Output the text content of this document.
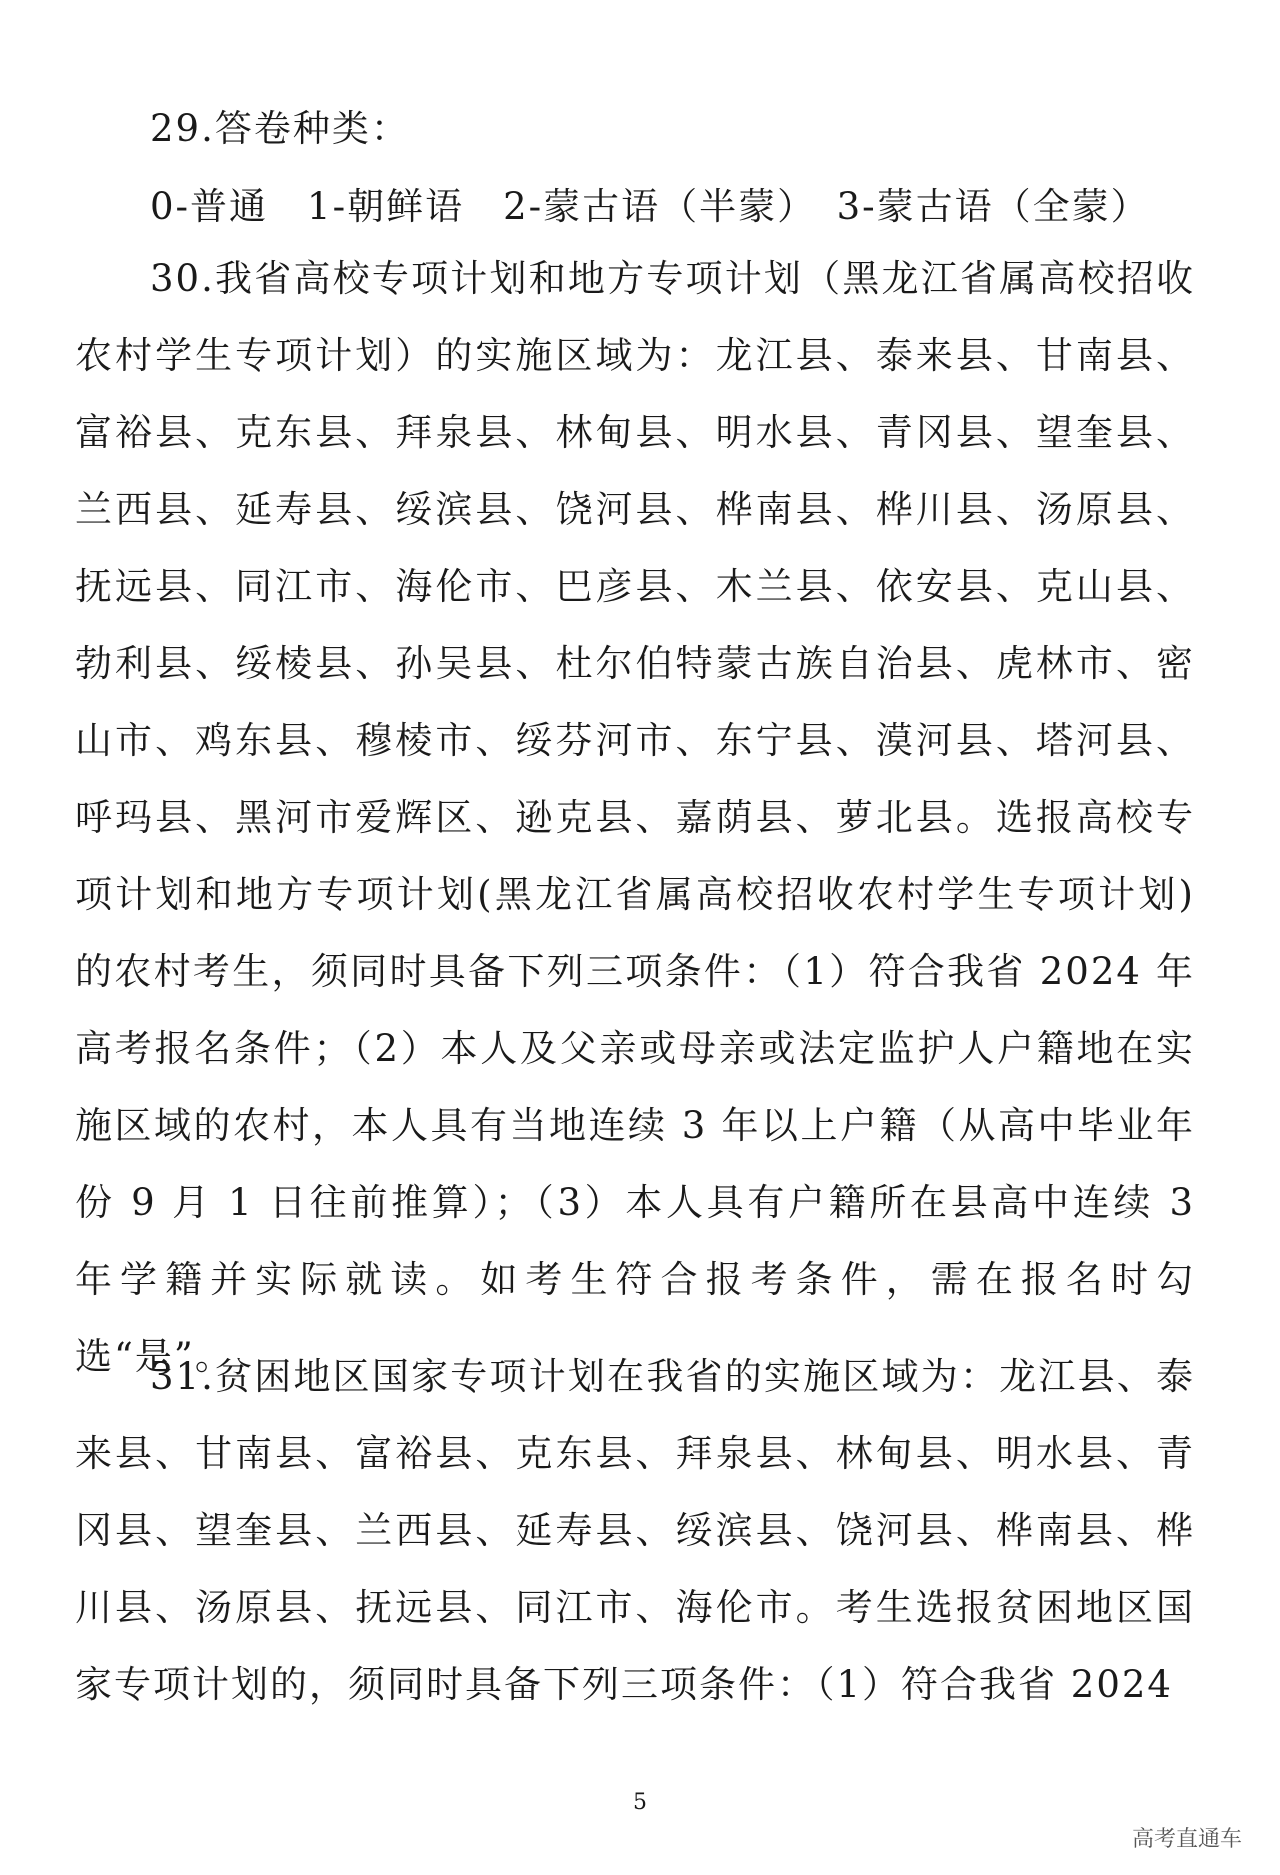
29.答卷种类：
0-普通　1-朝鲜语　2-蒙古语（半蒙）　3-蒙古语（全蒙）

30.我省高校专项计划和地方专项计划（黑龙江省属高校招收农村学生专项计划）的实施区域为：龙江县、泰来县、甘南县、富裕县、克东县、拜泉县、林甸县、明水县、青冈县、望奎县、兰西县、延寿县、绥滨县、饶河县、桦南县、桦川县、汤原县、抚远县、同江市、海伦市、巴彦县、木兰县、依安县、克山县、勃利县、绥棱县、孙吴县、杜尔伯特蒙古族自治县、虎林市、密山市、鸡东县、穆棱市、绥芬河市、东宁县、漠河县、塔河县、呼玛县、黑河市爱辉区、逊克县、嘉荫县、萝北县。选报高校专项计划和地方专项计划(黑龙江省属高校招收农村学生专项计划)的农村考生，须同时具备下列三项条件：（1）符合我省 2024 年高考报名条件；（2）本人及父亲或母亲或法定监护人户籍地在实施区域的农村，本人具有当地连续 3 年以上户籍（从高中毕业年份 9 月 1 日往前推算）；（3）本人具有户籍所在县高中连续 3 年学籍并实际就读。如考生符合报考条件，需在报名时勾选“是”。

31.贫困地区国家专项计划在我省的实施区域为：龙江县、泰来县、甘南县、富裕县、克东县、拜泉县、林甸县、明水县、青冈县、望奎县、兰西县、延寿县、绥滨县、饶河县、桦南县、桦川县、汤原县、抚远县、同江市、海伦市。考生选报贫困地区国家专项计划的，须同时具备下列三项条件：（1）符合我省 2024

5
高考直通车
